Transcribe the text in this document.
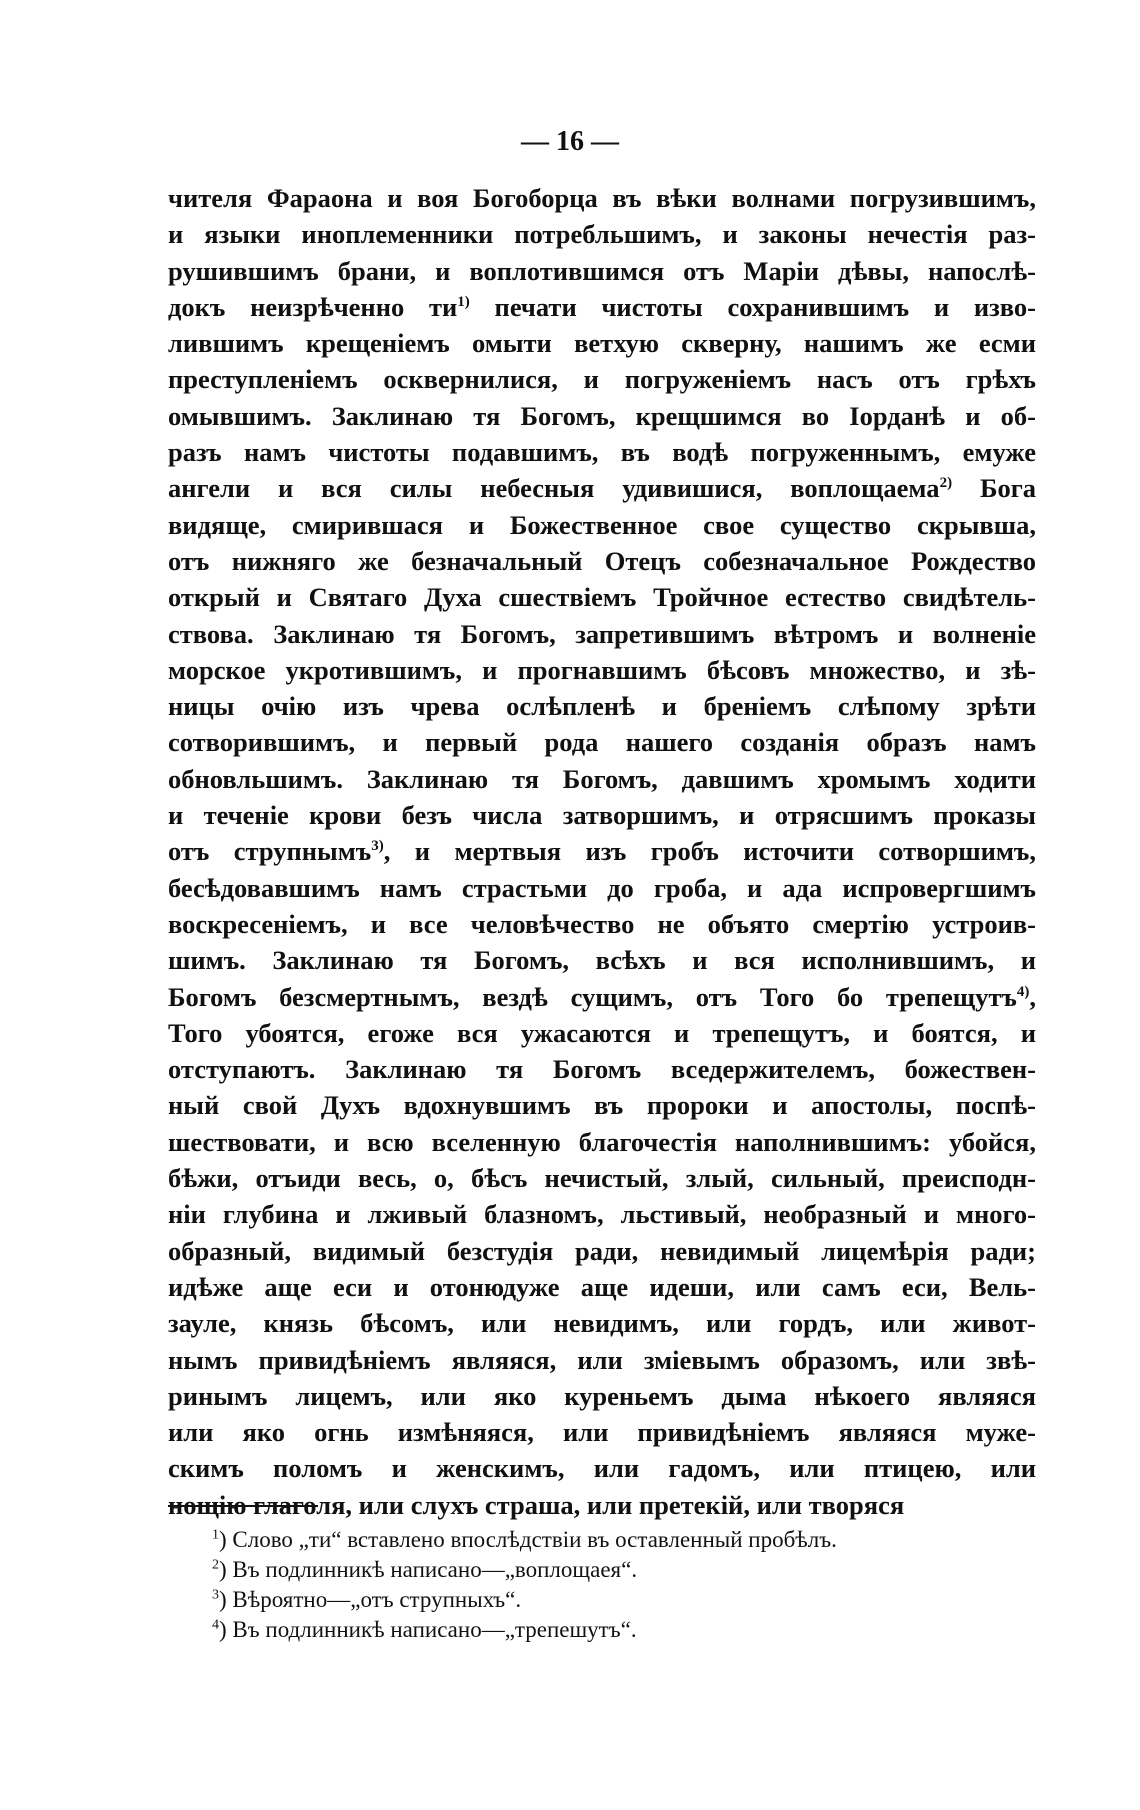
— 16 —
чителя Фараона и воя Богоборца въ вѣки волнами погрузившимъ,
и языки иноплеменники потребльшимъ, и законы нечестія раз-
рушившимъ брани, и воплотившимся отъ Маріи дѣвы, напослѣ-
докъ неизрѣченно $ти^{1)}$ печати чистоты сохранившимъ и изво-
лившимъ крещеніемъ омыти ветхую скверну, нашимъ же есми
преступленіемъ осквернилися, и погруженіемъ насъ отъ грѣхъ
омывшимъ. Заклинаю тя Богомъ, крещшимся во Іорданѣ и об-
разъ намъ чистоты подавшимъ, въ водѣ погруженнымъ, емуже
ангели и вся силы небесныя удивишися, воплощаема$^{2)}$ Бога
видяще, смирившася и Божественное свое существо скрывша,
отъ нижняго же безначальный Отецъ собезначальное Рождество
открый и Святаго Духа сшествіемъ Тройчное естество свидѣтель-
ствова. Заклинаю тя Богомъ, запретившимъ вѣтромъ и волненіе
морское укротившимъ, и прогнавшимъ бѣсовъ множество, и зѣ-
ницы очію изъ чрева ослѣпленѣ и бреніемъ слѣпому зрѣти
сотворившимъ, и первый рода нашего созданія образъ намъ
обновльшимъ. Заклинаю тя Богомъ, давшимъ хромымъ ходити
и теченіе крови безъ числа затворшимъ, и отрясшимъ проказы
отъ струпнымъ$^{3)}$, и мертвыя изъ гробъ источити сотворшимъ,
бесѣдовавшимъ намъ страстьми до гроба, и ада испровергшимъ
воскресеніемъ, и все человѣчество не объято смертію устроив-
шимъ. Заклинаю тя Богомъ, всѣхъ и вся исполнившимъ, и
Богомъ безсмертнымъ, вездѣ сущимъ, отъ Того бо трепещутъ$^{4)}$,
Того убоятся, егоже вся ужасаются и трепещутъ, и боятся, и
отступаютъ. Заклинаю тя Богомъ вседержителемъ, божествен-
ный свой Духъ вдохнувшимъ въ пророки и апостолы, поспѣ-
шествовати, и всю вселенную благочестія наполнившимъ: убойся,
бѣжи, отъиди весь, о, бѣсъ нечистый, злый, сильный, преисподн-
ніи глубина и лживый блазномъ, льстивый, необразный и много-
образный, видимый безстудія ради, невидимый лицемѣрія ради;
идѣже аще еси и отонюдуже аще идеши, или самъ еси, Вель-
зауле, князь бѣсомъ, или невидимъ, или гордъ, или живот-
нымъ привидѣніемъ являяся, или зміевымъ образомъ, или звѣ-
ринымъ лицемъ, или яко куреньемъ дыма нѣкоего являяся
или яко огнь измѣняяся, или привидѣніемъ являяся муже-
скимъ поломъ и женскимъ, или гадомъ, или птицею, или
нощію глаголя, или слухъ страша, или претекій, или творяся
$^1$) Слово „ти“ вставлено впослѣдствіи въ оставленный пробѣлъ.
$^2$) Въ подлинникѣ написано—„воплощаея“.
$^3$) Вѣроятно—„отъ струпныхъ“.
$^4$) Въ подлинникѣ написано—„трепешутъ“.
